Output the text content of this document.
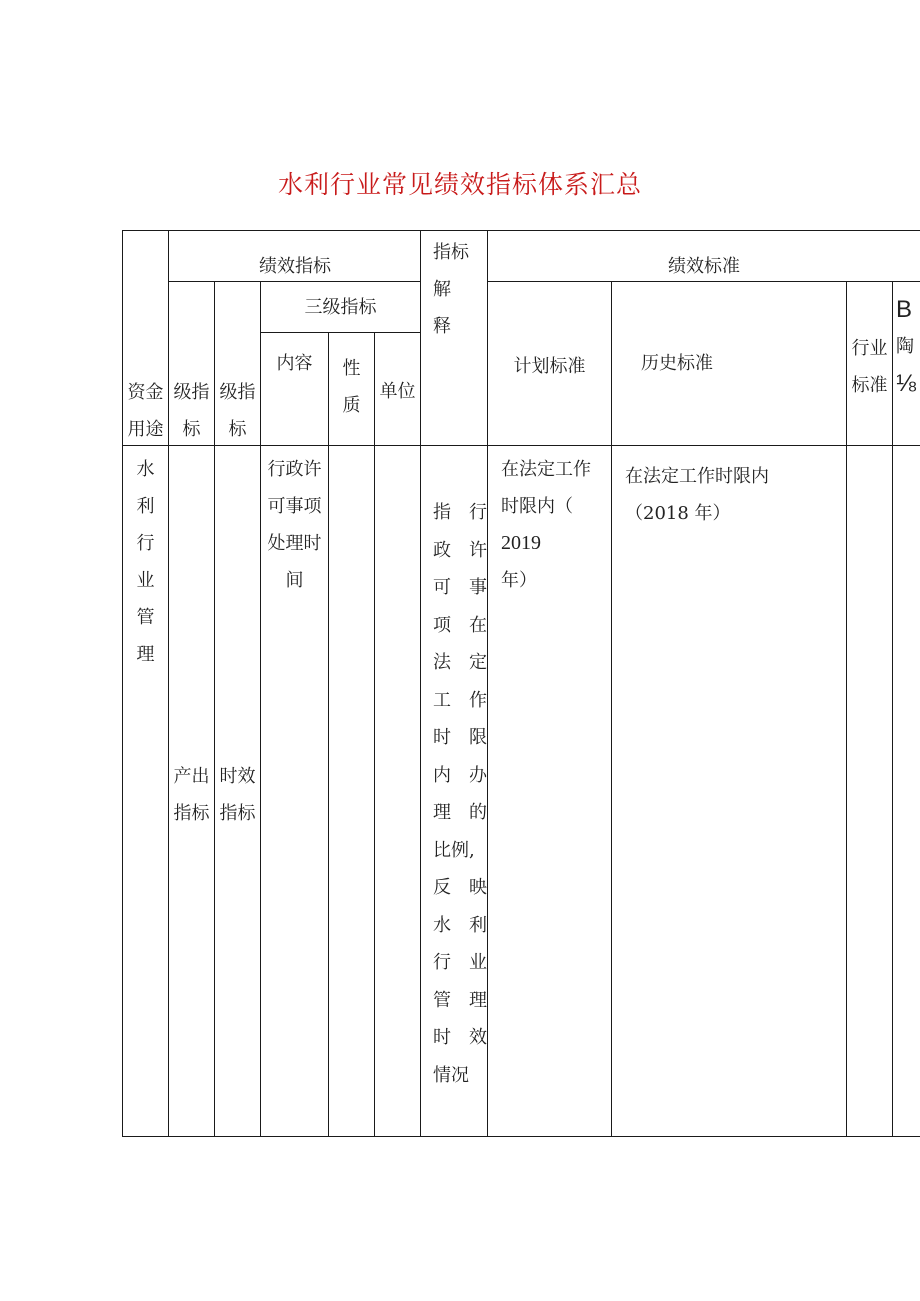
水利行业常见绩效指标体系汇总
资金
用途
绩效指标
级指
标
级指
标
三级指标
内容	性
质
单位
指标
解
释
绩效标准
计划标准	历史标准
行业
标准
B
陶
⅛
水
利
行
业
管
理
产出
指标
时效
指标
行政许
可事项
处理时
间
指 行
政 许
可 事
项 在
法 定
工 作
时 限
内 办
理 的
比例,
反 映
水 利
行 业
管 理
时 效
情况
在法定工作
时限内（
2019
年）
在法定工作时限内
（2018 年）
